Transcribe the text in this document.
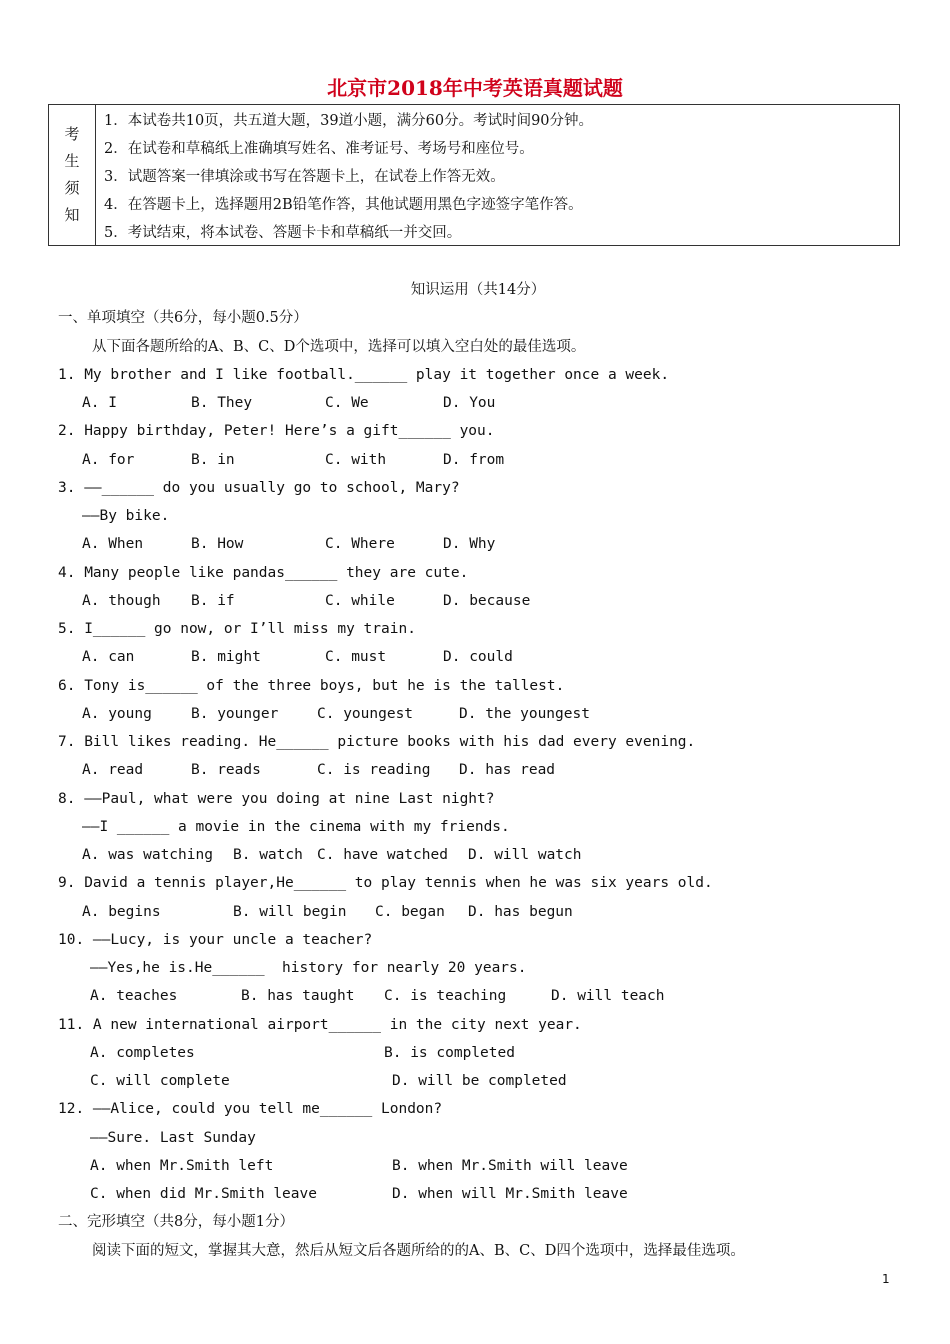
北京市2018年中考英语真题试题
考
生
须
知
1．本试卷共10页，共五道大题，39道小题，满分60分。考试时间90分钟。
2．在试卷和草稿纸上准确填写姓名、准考证号、考场号和座位号。
3．试题答案一律填涂或书写在答题卡上，在试卷上作答无效。
4．在答题卡上，选择题用2B铅笔作答，其他试题用黑色字迹签字笔作答。
5．考试结束，将本试卷、答题卡卡和草稿纸一并交回。
知识运用（共14分）
一、单项填空（共6分，每小题0.5分）
从下面各题所给的A、B、C、D个选项中，选择可以填入空白处的最佳选项。
1. My brother and I like football.______ play it together once a week.
A. I	B. They	C. We	D. You
2. Happy birthday, Peter! Here’s a gift______ you.
A. for	B. in	C. with	D. from
3. ——______ do you usually go to school, Mary?
——By bike.
A. When	B. How	C. Where	D. Why
4. Many people like pandas______ they are cute.
A. though B. if	C. while	D. because
5. I______ go now, or I’ll miss my train.
A. can	B. might	C. must	D. could
6. Tony is______ of the three boys, but he is the tallest.
A. young	B. younger	C. youngest	D. the youngest
7. Bill likes reading. He______ picture books with his dad every evening.
A. read	B. reads	C. is reading D. has read
8. ——Paul, what were you doing at nine Last night?
——I ______ a movie in the cinema with my friends.
A. was watching B. watch C. have watched D. will watch
9. David a tennis player,He______ to play tennis when he was six years old.
A. begins	B. will begin C. began D. has begun
10. ——Lucy, is your uncle a teacher?
——Yes,he is.He______  history for nearly 20 years.
A. teaches	B. has taught C. is teaching	D. will teach
11. A new international airport______ in the city next year.
A. completes	B. is completed
C. will complete	D. will be completed
12. ——Alice, could you tell me______ London?
——Sure. Last Sunday
A. when Mr.Smith left	B. when Mr.Smith will leave
C. when did Mr.Smith leave	D. when will Mr.Smith leave
二、完形填空（共8分，每小题1分）
阅读下面的短文，掌握其大意，然后从短文后各题所给的的A、B、C、D四个选项中，选择最佳选项。
1
